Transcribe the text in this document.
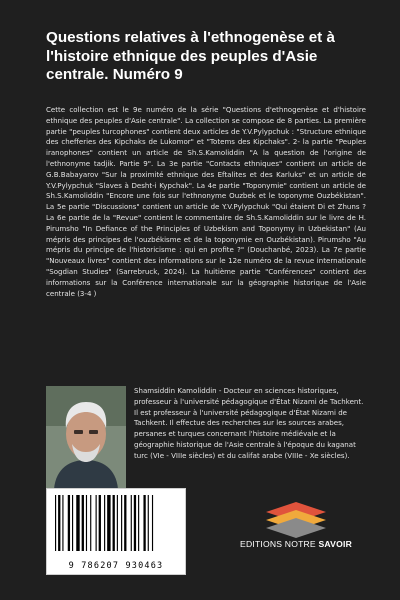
Questions relatives à l'ethnogenèse et à l'histoire ethnique des peuples d'Asie centrale. Numéro 9

Cette collection est le 9e numéro de la série "Questions d'ethnogenèse et d'histoire ethnique des peuples d'Asie centrale". La collection se compose de 8 parties. La première partie "peuples turcophones" contient deux articles de Y.V.Pylypchuk : "Structure ethnique des chefferies des Kipchaks de Lukomor" et "Totems des Kipchaks". 2- la partie "Peuples iranophones" contient un article de Sh.S.Kamoliddin "A la question de l'origine de l'ethnonyme tadjik. Partie 9". La 3e partie "Contacts ethniques" contient un article de G.B.Babayarov "Sur la proximité ethnique des Eftalites et des Karluks" et un article de Y.V.Pylypchuk "Slaves à Desht-i Kypchak". La 4e partie "Toponymie" contient un article de Sh.S.Kamoliddin "Encore une fois sur l'ethnonyme Ouzbek et le toponyme Ouzbékistan". La 5e partie "Discussions" contient un article de Y.V.Pylypchuk "Qui étaient Di et Zhuns ? La 6e partie de la "Revue" contient le commentaire de Sh.S.Kamoliddin sur le livre de H. Pirumsho "In Defiance of the Principles of Uzbekism and Toponymy in Uzbekistan" (Au mépris des principes de l'ouzbékisme et de la toponymie en Ouzbékistan). Pirumsho "Au mépris du principe de l'historicisme : qui en profite ?" (Douchanbé, 2023). La 7e partie "Nouveaux livres" contient des informations sur le 12e numéro de la revue internationale "Sogdian Studies" (Sarrebruck, 2024). La huitième partie "Conférences" contient des informations sur la Conférence internationale sur la géographie historique de l'Asie centrale (3-4 )

Shamsiddin Kamoliddin - Docteur en sciences historiques, professeur à l'université pédagogique d'État Nizami de Tachkent. Il est professeur à l'université pédagogique d'État Nizami de Tachkent. Il effectue des recherches sur les sources arabes, persanes et turques concernant l'histoire médiévale et la géographie historique de l'Asie centrale à l'époque du kaganat turc (VIe - VIIIe siècles) et du califat arabe (VIIIe - Xe siècles).

9 786207 930463
EDITIONS NOTRE SAVOIR
